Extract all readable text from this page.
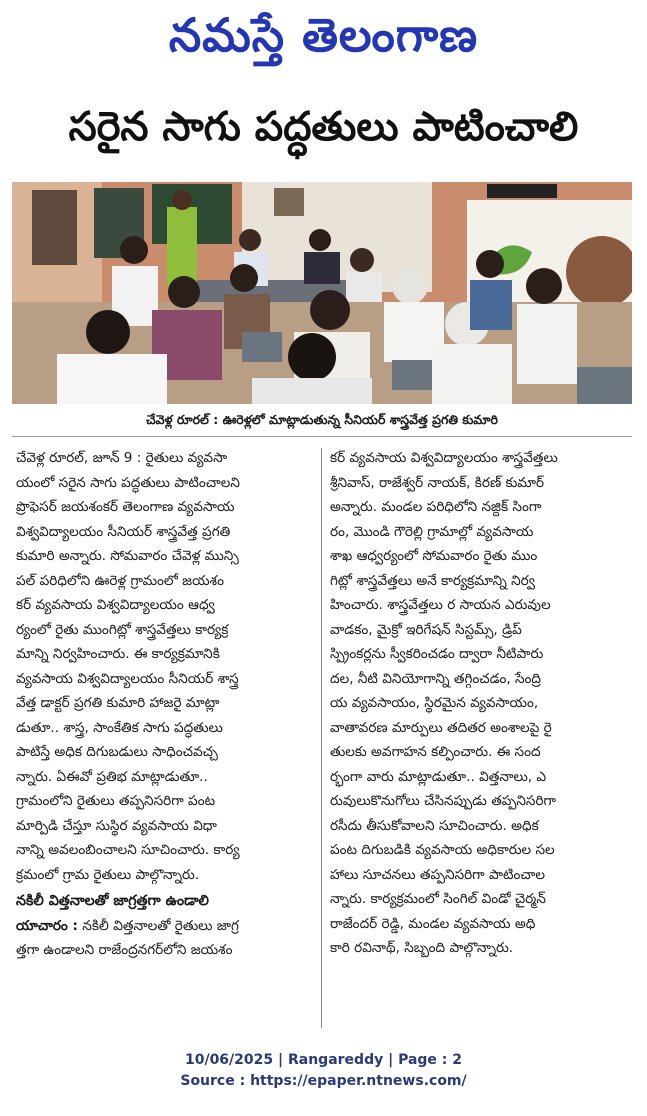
నమస్తే తెలంగాణ
సరైన సాగు పద్ధతులు పాటించాలి
చేవెళ్ల రూరల్ : ఊరెళ్లలో మాట్లాడుతున్న సీనియర్ శాస్త్రవేత్త ప్రగతి కుమారి

చేవెళ్ల రూరల్, జూన్ 9 : రైతులు వ్యవసా
యంలో సరైన సాగు పద్ధతులు పాటించాలని
ప్రొఫెసర్ జయశంకర్ తెలంగాణ వ్యవసాయ
విశ్వవిద్యాలయం సీనియర్ శాస్త్రవేత్త ప్రగతి
కుమారి అన్నారు. సోమవారం చేవెళ్ల మున్సి
పల్ పరిధిలోని ఊరెళ్ల గ్రామంలో జయశం
కర్ వ్యవసాయ విశ్వవిద్యాలయం ఆధ్వ
ర్యంలో రైతు ముంగిట్లో శాస్త్రవేత్తలు కార్యక్ర
మాన్ని నిర్వహించారు. ఈ కార్యక్రమానికి
వ్యవసాయ విశ్వవిద్యాలయం సీనియర్ శాస్త్ర
వేత్త డాక్టర్ ప్రగతి కుమారి హాజరై మాట్లా
డుతూ.. శాస్త్ర, సాంకేతిక సాగు పద్ధతులు
పాటిస్తే అధిక దిగుబడులు సాధించవచ్చ
న్నారు. ఏఈవో ప్రతిభ మాట్లాడుతూ..
గ్రామంలోని రైతులు తప్పనిసరిగా పంట
మార్పిడి చేస్తూ సుస్థిర వ్యవసాయ విధా
నాన్ని అవలంబించాలని సూచించారు. కార్య
క్రమంలో గ్రామ రైతులు పాల్గొన్నారు.

నకిలీ విత్తనాలతో జాగ్రత్తగా ఉండాలి

యాచారం : నకిలీ విత్తనాలతో రైతులు జాగ్ర
త్తగా ఉండాలని రాజేంద్రనగర్‌లోని జయశం

కర్ వ్యవసాయ విశ్వవిద్యాలయం శాస్త్రవేత్తలు
శ్రీనివాస్, రాజేశ్వర్ నాయక్, కిరణ్ కుమార్
అన్నారు. మండల పరిధిలోని నజ్దిక్ సింగా
రం, మొండి గౌరెల్లి గ్రామాల్లో వ్యవసాయ
శాఖ ఆధ్వర్యంలో సోమవారం రైతు ముం
గిట్లో శాస్త్రవేత్తలు అనే కార్యక్రమాన్ని నిర్వ
హించారు. శాస్త్రవేత్తలు ర సాయన ఎరువుల
వాడకం, మైక్రో ఇరిగేషన్ సిస్టమ్స్, డ్రిప్
స్ప్రింకర్లను స్వీకరించడం ద్వారా నీటిపారు
దల, నీటి వినియోగాన్ని తగ్గించడం, సేంద్రి
య వ్యవసాయం, స్థిరమైన వ్యవసాయం,
వాతావరణ మార్పులు తదితర అంశాలపై రై
తులకు అవగాహన కల్పించారు. ఈ సంద
ర్భంగా వారు మాట్లాడుతూ.. విత్తనాలు, ఎ
రువులుకొనుగోలు చేసినప్పుడు తప్పనిసరిగా
రసీదు తీసుకోవాలని సూచించారు. అధిక
పంట దిగుబడికి వ్యవసాయ అధికారుల సల
హాలు సూచనలు తప్పనిసరిగా పాటించాల
న్నారు. కార్యక్రమంలో సింగిల్ విండో చైర్మన్
రాజేందర్ రెడ్డి, మండల వ్యవసాయ అధి
కారి రవినాథ్, సిబ్బంది పాల్గొన్నారు.

10/06/2025 | Rangareddy | Page : 2
Source : https://epaper.ntnews.com/
